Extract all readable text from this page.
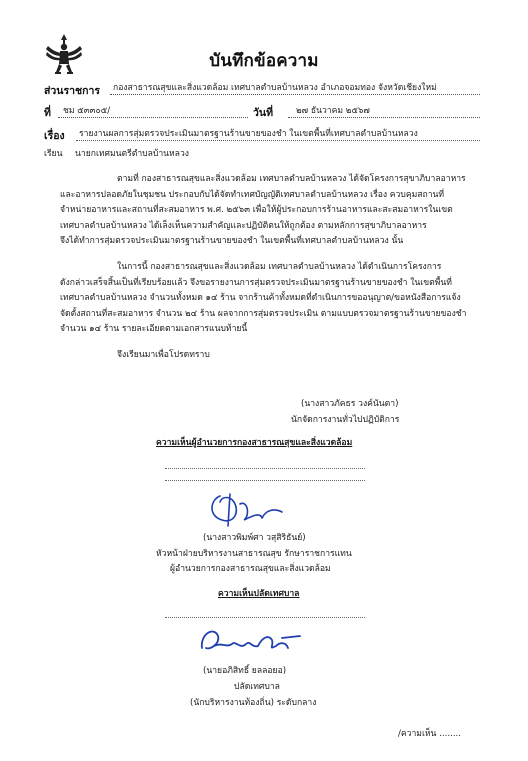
บันทึกข้อความ
ส่วนราชการ กองสาธารณสุขและสิ่งแวดล้อม เทศบาลตำบลบ้านหลวง อำเภอจอมทอง จังหวัดเชียงใหม่
ที่ ชม ๕๓๓๐๕/	วันที่	๒๗ ธันวาคม ๒๕๖๗
เรื่อง รายงานผลการสุ่มตรวจประเมินมาตรฐานร้านขายของชำ ในเขตพื้นที่เทศบาลตำบลบ้านหลวง
เรียน นายกเทศมนตรีตำบลบ้านหลวง
ตามที่ กองสาธารณสุขและสิ่งแวดล้อม เทศบาลตำบลบ้านหลวง ได้จัดโครงการสุขาภิบาลอาหาร
และอาหารปลอดภัยในชุมชน ประกอบกับได้จัดทำเทศบัญญัติเทศบาลตำบลบ้านหลวง เรื่อง ควบคุมสถานที่
จำหน่ายอาหารและสถานที่สะสมอาหาร พ.ศ. ๒๕๖๓ เพื่อให้ผู้ประกอบการร้านอาหารและสะสมอาหารในเขต
เทศบาลตำบลบ้านหลวง ได้เล็งเห็นความสำคัญและปฏิบัติตนให้ถูกต้อง ตามหลักการสุขาภิบาลอาหาร
จึงได้ทำการสุ่มตรวจประเมินมาตรฐานร้านขายของชำ ในเขตพื้นที่เทศบาลตำบลบ้านหลวง นั้น
ในการนี้ กองสาธารณสุขและสิ่งแวดล้อม เทศบาลตำบลบ้านหลวง ได้ดำเนินการโครงการ
ดังกล่าวเสร็จสิ้นเป็นที่เรียบร้อยแล้ว จึงขอรายงานการสุ่มตรวจประเมินมาตรฐานร้านขายของชำ ในเขตพื้นที่
เทศบาลตำบลบ้านหลวง จำนวนทั้งหมด ๑๔ ร้าน จากร้านค้าทั้งหมดที่ดำเนินการขออนุญาต/ขอหนังสือการแจ้ง
จัดตั้งสถานที่สะสมอาหาร จำนวน ๒๔ ร้าน ผลจากการสุ่มตรวจประเมิน ตามแบบตรวจมาตรฐานร้านขายของชำ
จำนวน ๑๔ ร้าน รายละเอียดตามเอกสารแนบท้ายนี้
จึงเรียนมาเพื่อโปรดทราบ
(นางสาวภัคธร วงค์นันตา)
นักจัดการงานทั่วไปปฏิบัติการ
ความเห็นผู้อำนวยการกองสาธารณสุขและสิ่งแวดล้อม
(นางสาวพิมพ์ศา วสุสิริธันย์)
หัวหน้าฝ่ายบริหารงานสาธารณสุข รักษาราชการแทน
ผู้อำนวยการกองสาธารณสุขและสิ่งแวดล้อม
ความเห็นปลัดเทศบาล
(นายอภิสิทธิ์ ยลลอยอ)
ปลัดเทศบาล
(นักบริหารงานท้องถิ่น) ระดับกลาง
/ความเห็น ........
